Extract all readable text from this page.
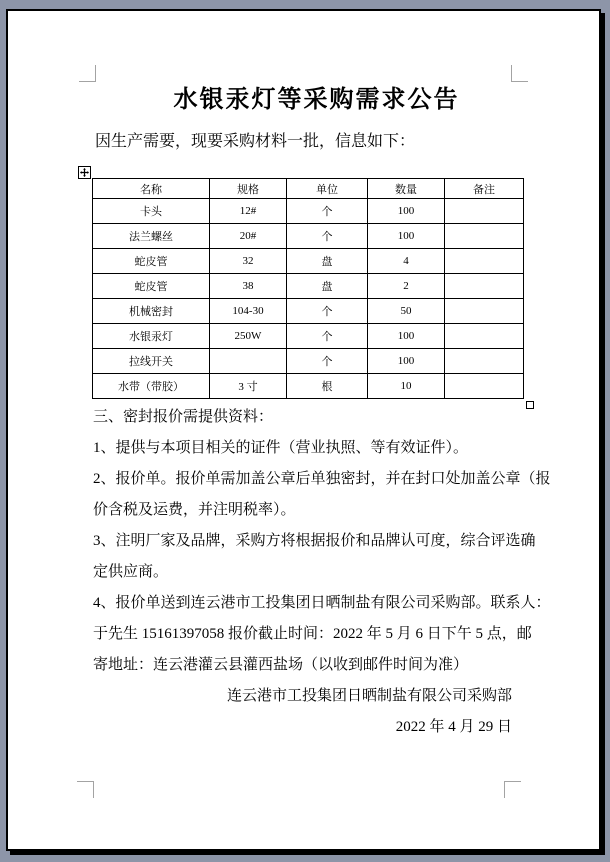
水银汞灯等采购需求公告
因生产需要，现要采购材料一批，信息如下：
名称	规格	单位	数量	备注
卡头	12#	个	100	
法兰螺丝	20#	个	100	
蛇皮管	32	盘	4	
蛇皮管	38	盘	2	
机械密封	104-30	个	50	
水银汞灯	250W	个	100	
拉线开关		个	100	
水带（带胶）	3 寸	根	10	
三、密封报价需提供资料：
1、提供与本项目相关的证件（营业执照、等有效证件）。
2、报价单。报价单需加盖公章后单独密封，并在封口处加盖公章（报
价含税及运费，并注明税率）。
3、注明厂家及品牌，采购方将根据报价和品牌认可度，综合评选确
定供应商。
4、报价单送到连云港市工投集团日晒制盐有限公司采购部。联系人：
于先生 15161397058 报价截止时间：2022 年 5 月 6 日下午 5 点，邮
寄地址：连云港灌云县灌西盐场（以收到邮件时间为准）
连云港市工投集团日晒制盐有限公司采购部
2022 年 4 月 29 日
